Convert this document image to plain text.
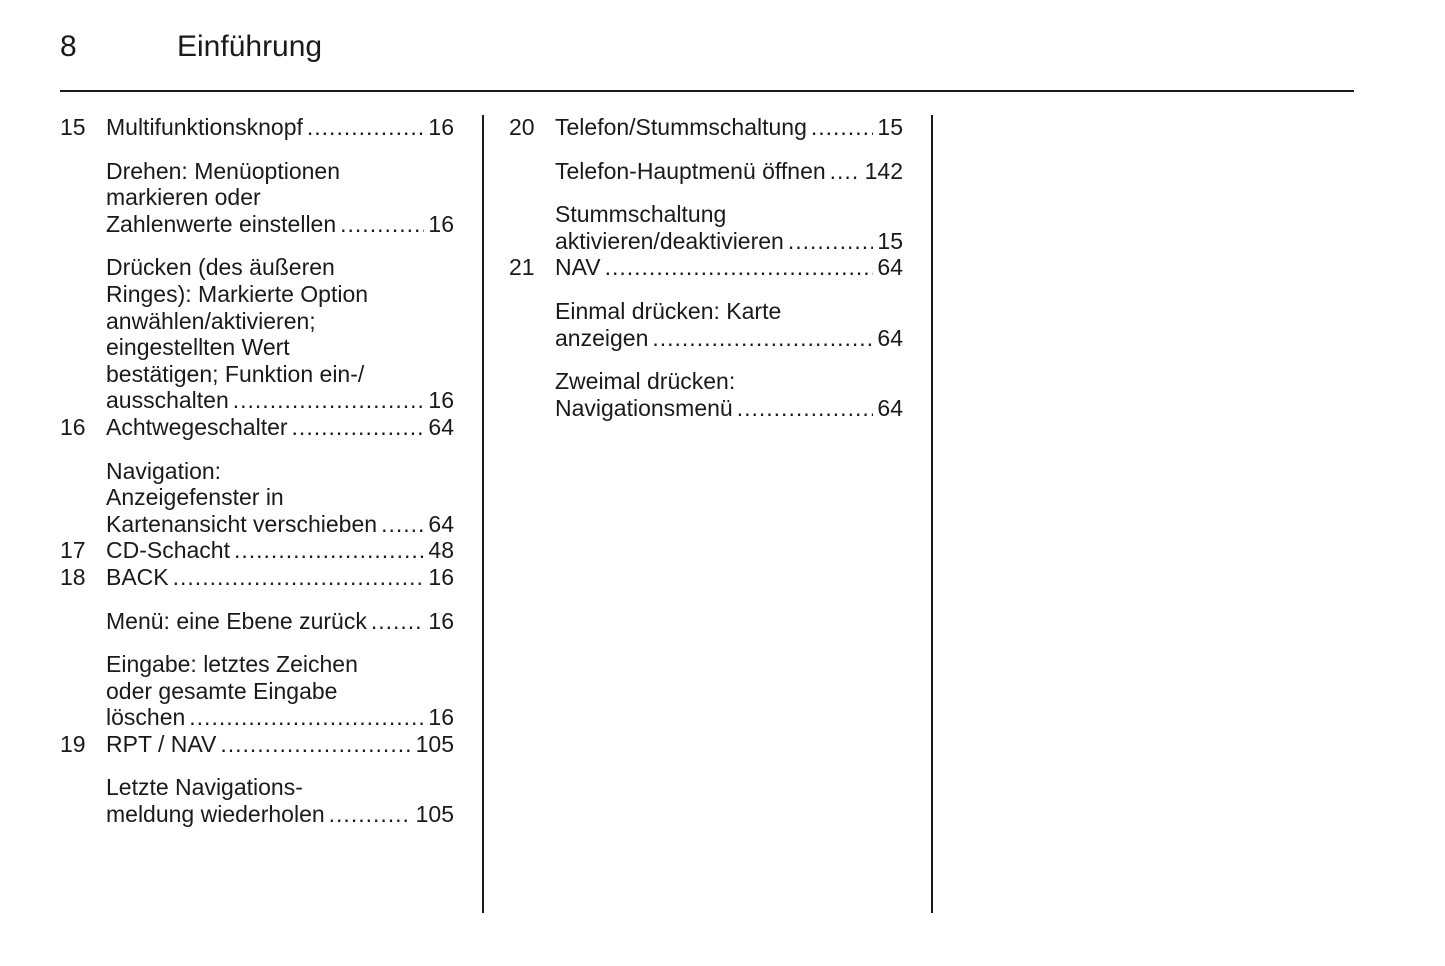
8	Einführung
15 Multifunktionsknopf .....	16
Drehen: Menüoptionen
markieren oder
Zahlenwerte einstellen .....	16
Drücken (des äußeren
Ringes): Markierte Option
anwählen/aktivieren;
eingestellten Wert
bestätigen; Funktion ein-/
ausschalten .....	16
16 Achtwegeschalter .....	64
Navigation:
Anzeigefenster in
Kartenansicht verschieben ..... 64
17 CD-Schacht .....	48
18 BACK .....	16
Menü: eine Ebene zurück .....	16
Eingabe: letztes Zeichen
oder gesamte Eingabe
löschen .....	16
19 RPT / NAV .....	105
Letzte Navigations-
meldung wiederholen .....	105
20 Telefon/Stummschaltung .....	15
Telefon-Hauptmenü öffnen ..... 142
Stummschaltung
aktivieren/deaktivieren .....	15
21 NAV .....	64
Einmal drücken: Karte
anzeigen .....	64
Zweimal drücken:
Navigationsmenü .....	64
